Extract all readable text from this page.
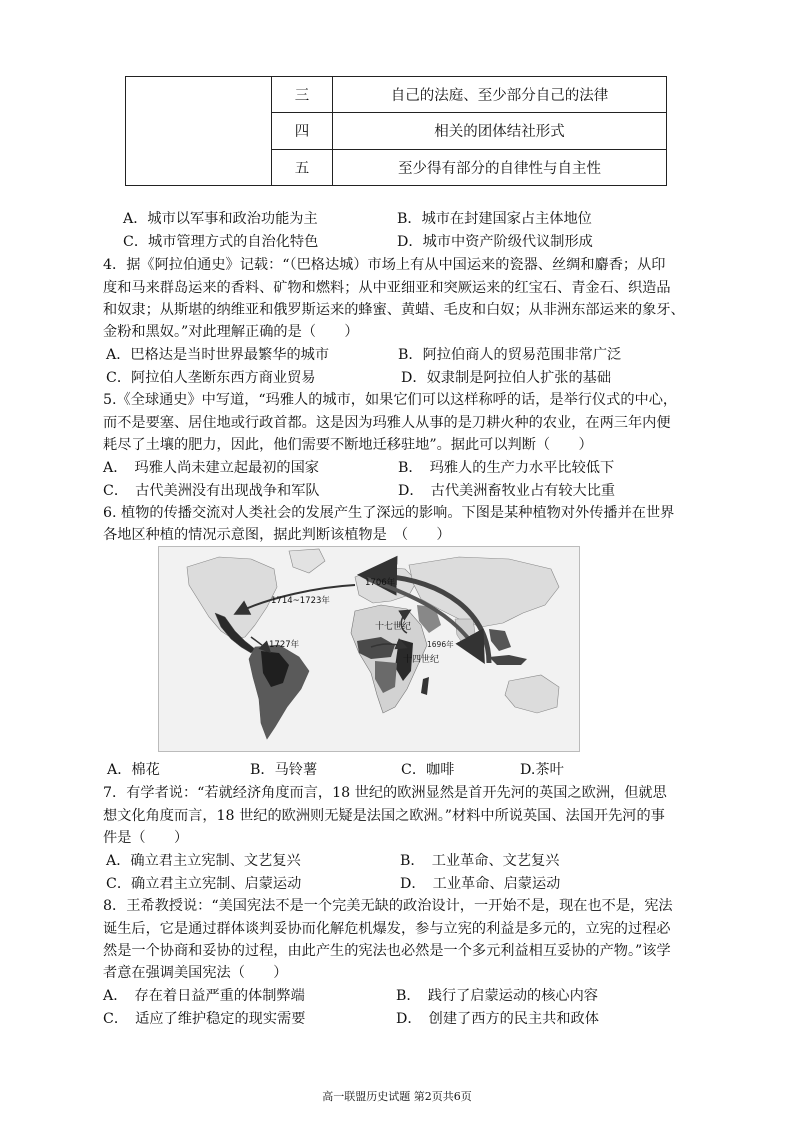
	三	自己的法庭、至少部分自己的法律
	四	相关的团体结社形式
	五	至少得有部分的自律性与自主性
A．城市以军事和政治功能为主	B．城市在封建国家占主体地位
C．城市管理方式的自治化特色	D．城市中资产阶级代议制形成
4．据《阿拉伯通史》记载：“（巴格达城）市场上有从中国运来的瓷器、丝绸和麝香；从印
度和马来群岛运来的香料、矿物和燃料；从中亚细亚和突厥运来的红宝石、青金石、织造品
和奴隶；从斯堪的纳维亚和俄罗斯运来的蜂蜜、黄蜡、毛皮和白奴；从非洲东部运来的象牙、
金粉和黑奴。”对此理解正确的是（　　）
A．巴格达是当时世界最繁华的城市	B．阿拉伯商人的贸易范围非常广泛
C．阿拉伯人垄断东西方商业贸易	D．奴隶制是阿拉伯人扩张的基础
5.《全球通史》中写道，“玛雅人的城市，如果它们可以这样称呼的话，是举行仪式的中心，
而不是要塞、居住地或行政首都。这是因为玛雅人从事的是刀耕火种的农业，在两三年内便
耗尽了土壤的肥力，因此，他们需要不断地迁移驻地”。据此可以判断（　　）
A．　玛雅人尚未建立起最初的国家	B．　玛雅人的生产力水平比较低下
C．　古代美洲没有出现战争和军队	D．　古代美洲畜牧业占有较大比重
6. 植物的传播交流对人类社会的发展产生了深远的影响。下图是某种植物对外传播并在世界
各地区种植的情况示意图，据此判断该植物是　（　　）
1706年
1714~1723年
十七世纪
1727年
十四世纪
1696年
A．棉花	B．马铃薯	C．咖啡	D.茶叶
7．有学者说：“若就经济角度而言，18 世纪的欧洲显然是首开先河的英国之欧洲，但就思
想文化角度而言，18 世纪的欧洲则无疑是法国之欧洲。”材料中所说英国、法国开先河的事
件是（　　）
A．确立君主立宪制、文艺复兴	B．　工业革命、文艺复兴
C．确立君主立宪制、启蒙运动	D．　工业革命、启蒙运动
8．王希教授说：“美国宪法不是一个完美无缺的政治设计，一开始不是，现在也不是，宪法
诞生后，它是通过群体谈判妥协而化解危机爆发，参与立宪的利益是多元的，立宪的过程必
然是一个协商和妥协的过程，由此产生的宪法也必然是一个多元利益相互妥协的产物。”该学
者意在强调美国宪法（　　）
A．　存在着日益严重的体制弊端	B．　践行了启蒙运动的核心内容
C．　适应了维护稳定的现实需要	D．　创建了西方的民主共和政体
高一联盟历史试题 第2页共6页
